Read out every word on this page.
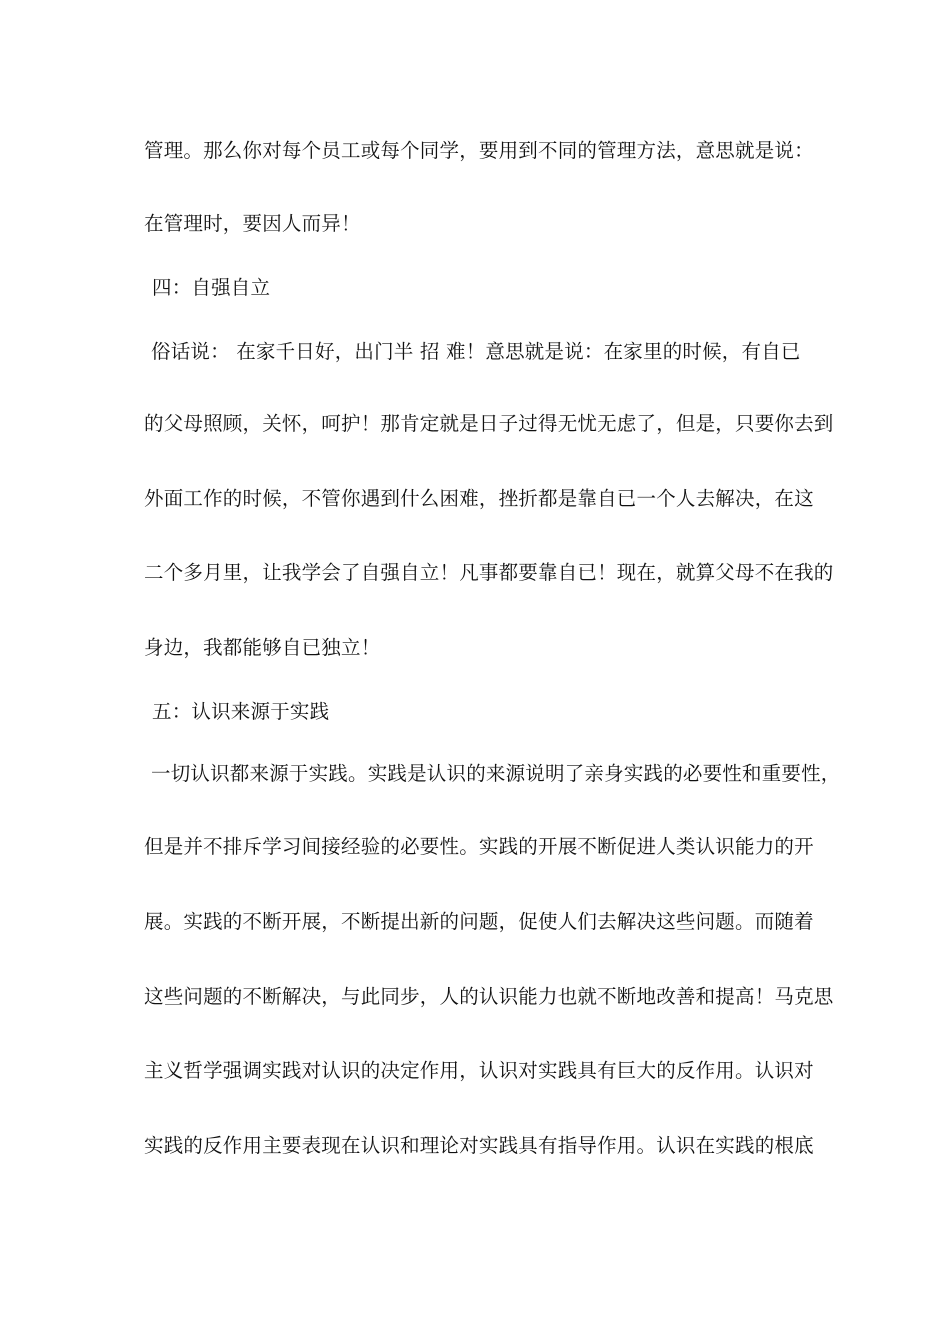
管理。那么你对每个员工或每个同学，要用到不同的管理方法，意思就是说：
在管理时，要因人而异！
四：自强自立
俗话说： 在家千日好，出门半 招 难！意思就是说：在家里的时候，有自已
的父母照顾，关怀，呵护！那肯定就是日子过得无忧无虑了，但是，只要你去到
外面工作的时候，不管你遇到什么困难，挫折都是靠自已一个人去解决，在这
二个多月里，让我学会了自强自立！凡事都要靠自已！现在，就算父母不在我的
身边，我都能够自已独立！
五：认识来源于实践
一切认识都来源于实践。实践是认识的来源说明了亲身实践的必要性和重要性，
但是并不排斥学习间接经验的必要性。实践的开展不断促进人类认识能力的开
展。实践的不断开展，不断提出新的问题，促使人们去解决这些问题。而随着
这些问题的不断解决，与此同步，人的认识能力也就不断地改善和提高！马克思
主义哲学强调实践对认识的决定作用，认识对实践具有巨大的反作用。认识对
实践的反作用主要表现在认识和理论对实践具有指导作用。认识在实践的根底
